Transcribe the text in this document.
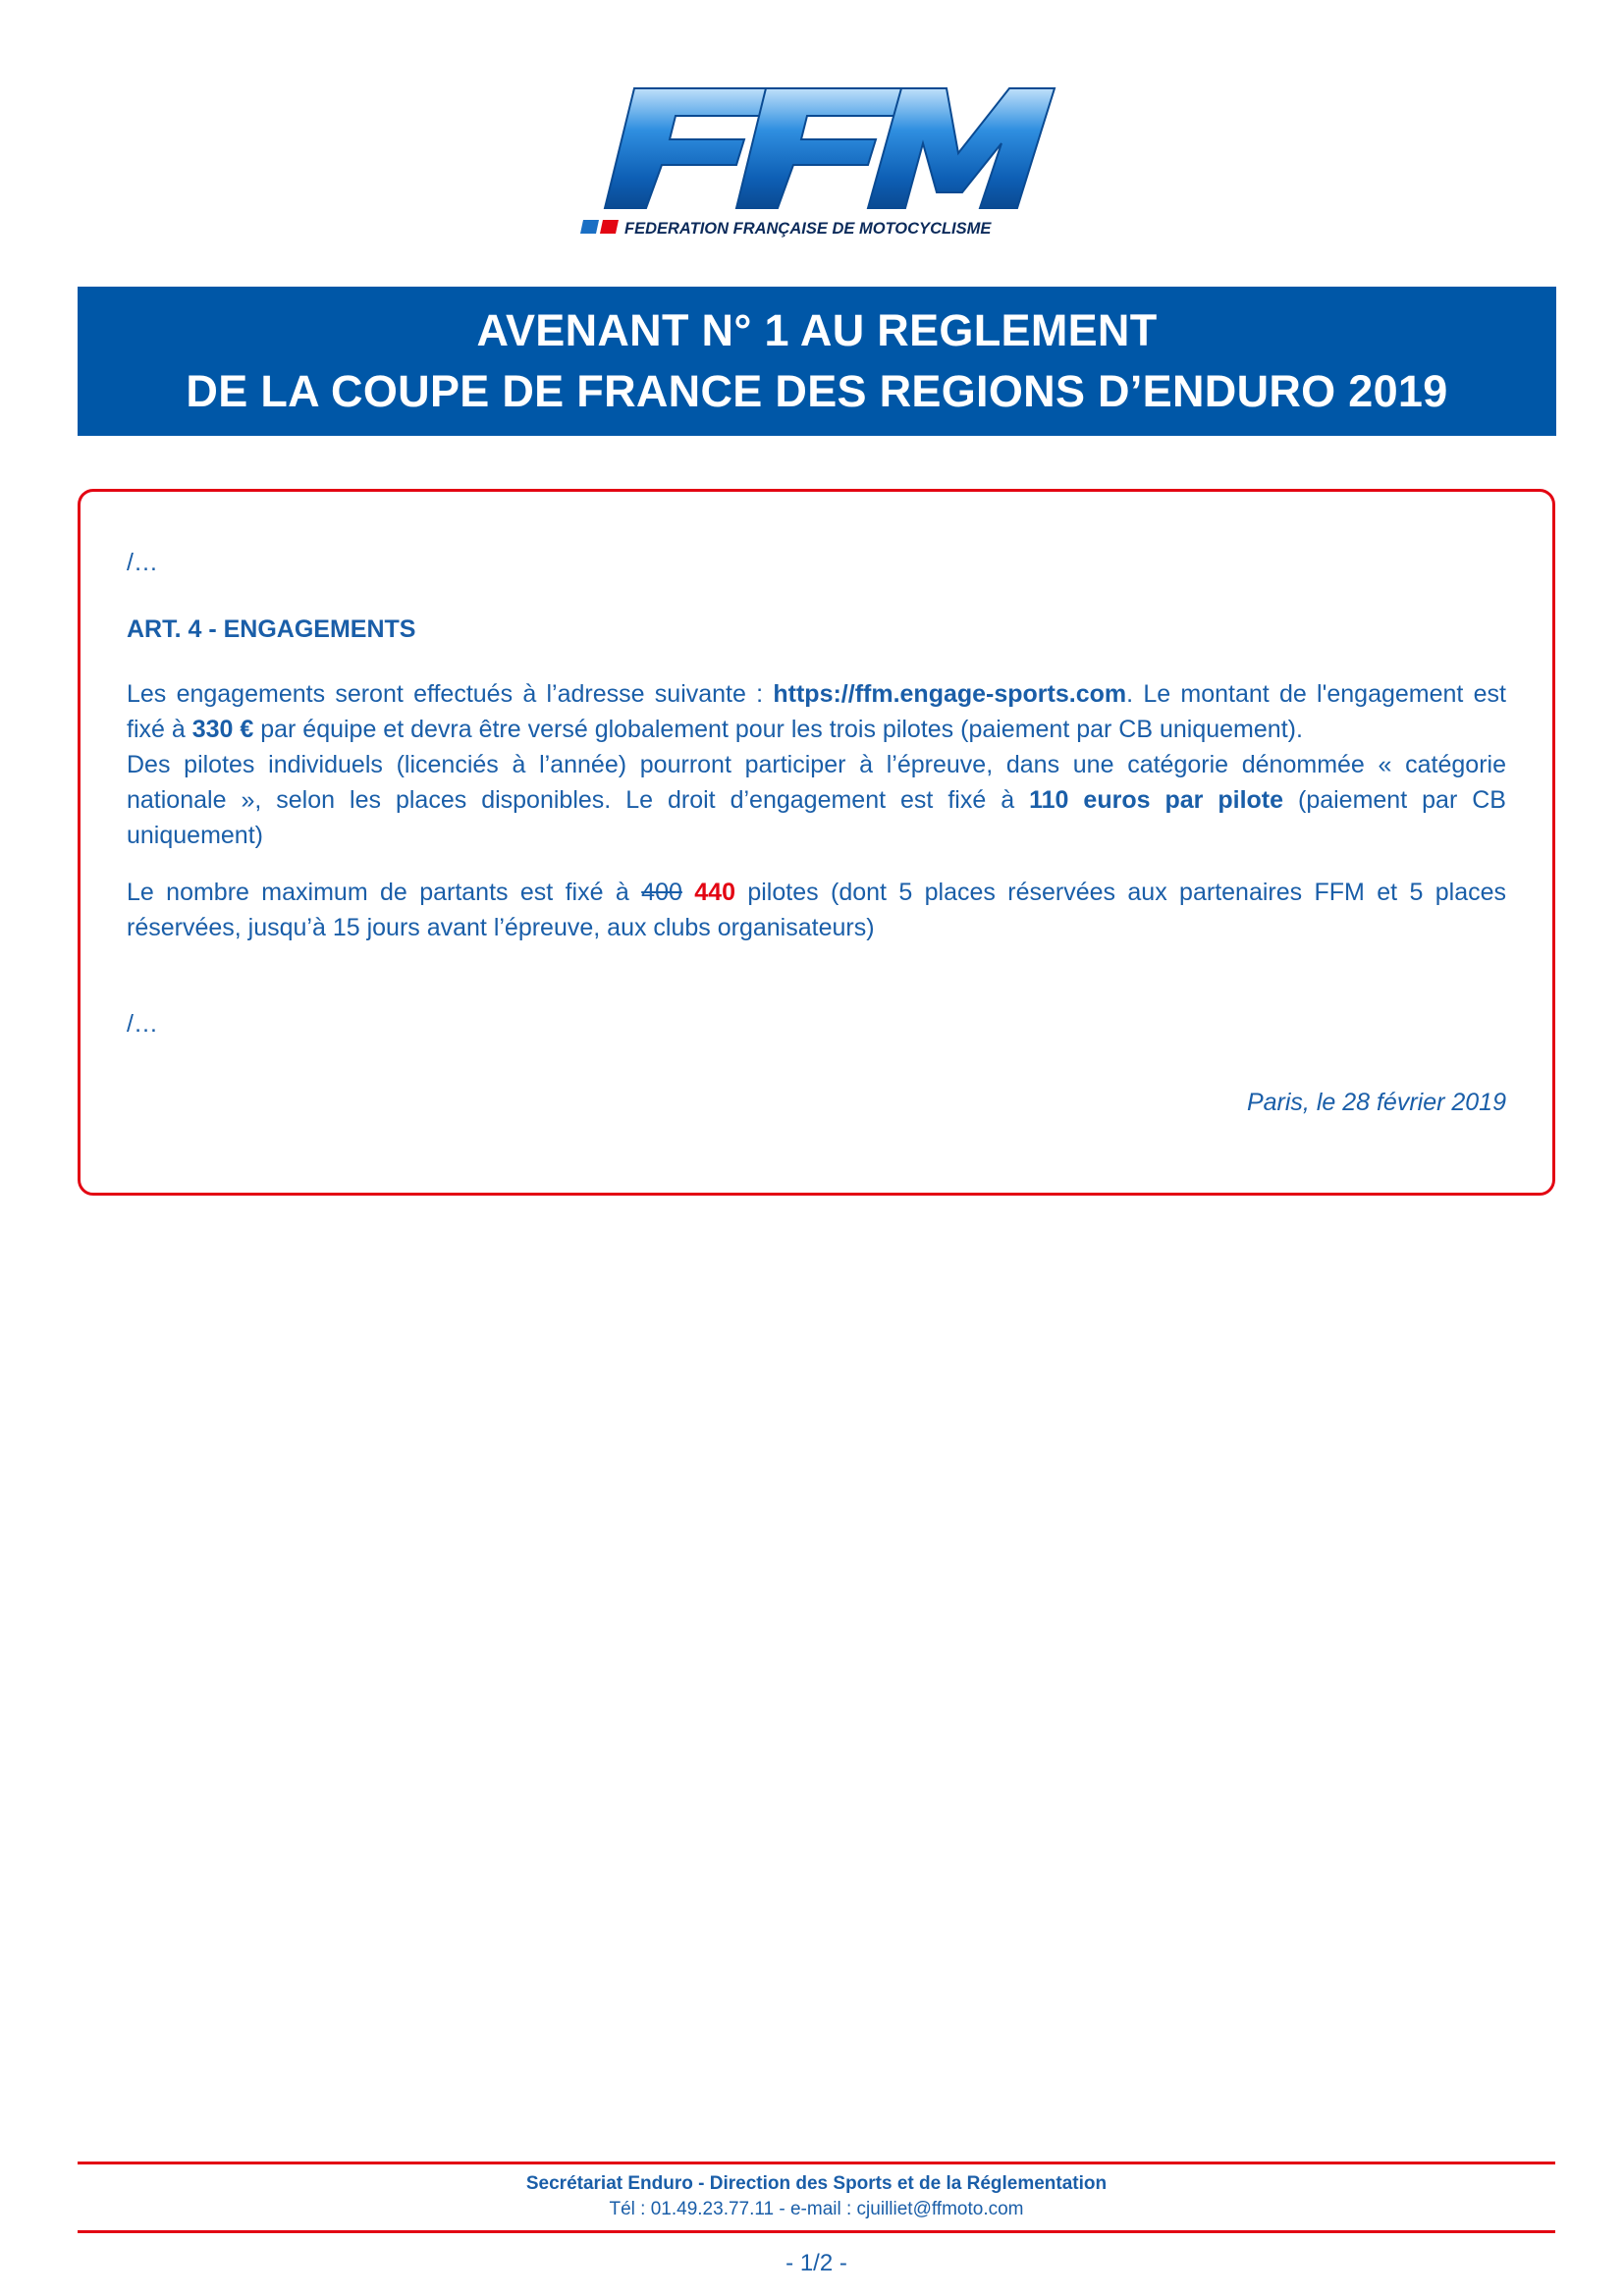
FEDERATION FRANÇAISE DE MOTOCYCLISME
AVENANT N° 1 AU REGLEMENT
DE LA COUPE DE FRANCE DES REGIONS D’ENDURO 2019
/…
ART. 4 - ENGAGEMENTS
Les engagements seront effectués à l’adresse suivante : https://ffm.engage-sports.com. Le montant de l'engagement est fixé à 330 € par équipe et devra être versé globalement pour les trois pilotes (paiement par CB uniquement).
Des pilotes individuels (licenciés à l’année) pourront participer à l’épreuve, dans une catégorie dénommée « catégorie nationale », selon les places disponibles. Le droit d’engagement est fixé à 110 euros par pilote (paiement par CB uniquement)
Le nombre maximum de partants est fixé à 400 440 pilotes (dont 5 places réservées aux partenaires FFM et 5 places réservées, jusqu’à 15 jours avant l’épreuve, aux clubs organisateurs)
/…
Paris, le 28 février 2019
Secrétariat Enduro - Direction des Sports et de la Réglementation
Tél : 01.49.23.77.11 - e-mail : cjuilliet@ffmoto.com
- 1/2 -
